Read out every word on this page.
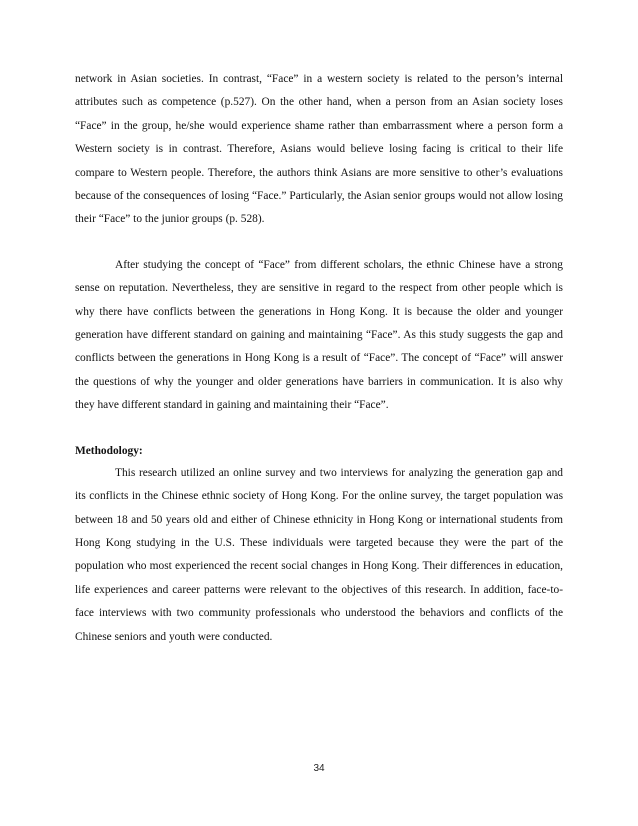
network in Asian societies. In contrast, “Face” in a western society is related to the person’s internal attributes such as competence (p.527). On the other hand, when a person from an Asian society loses “Face” in the group, he/she would experience shame rather than embarrassment where a person form a Western society is in contrast. Therefore, Asians would believe losing facing is critical to their life compare to Western people. Therefore, the authors think Asians are more sensitive to other’s evaluations because of the consequences of losing “Face.” Particularly, the Asian senior groups would not allow losing their “Face” to the junior groups (p. 528).

After studying the concept of “Face” from different scholars, the ethnic Chinese have a strong sense on reputation. Nevertheless, they are sensitive in regard to the respect from other people which is why there have conflicts between the generations in Hong Kong. It is because the older and younger generation have different standard on gaining and maintaining “Face”. As this study suggests the gap and conflicts between the generations in Hong Kong is a result of “Face”. The concept of “Face” will answer the questions of why the younger and older generations have barriers in communication. It is also why they have different standard in gaining and maintaining their “Face”.

Methodology:

This research utilized an online survey and two interviews for analyzing the generation gap and its conflicts in the Chinese ethnic society of Hong Kong. For the online survey, the target population was between 18 and 50 years old and either of Chinese ethnicity in Hong Kong or international students from Hong Kong studying in the U.S. These individuals were targeted because they were the part of the population who most experienced the recent social changes in Hong Kong. Their differences in education, life experiences and career patterns were relevant to the objectives of this research. In addition, face-to-face interviews with two community professionals who understood the behaviors and conflicts of the Chinese seniors and youth were conducted.

34
